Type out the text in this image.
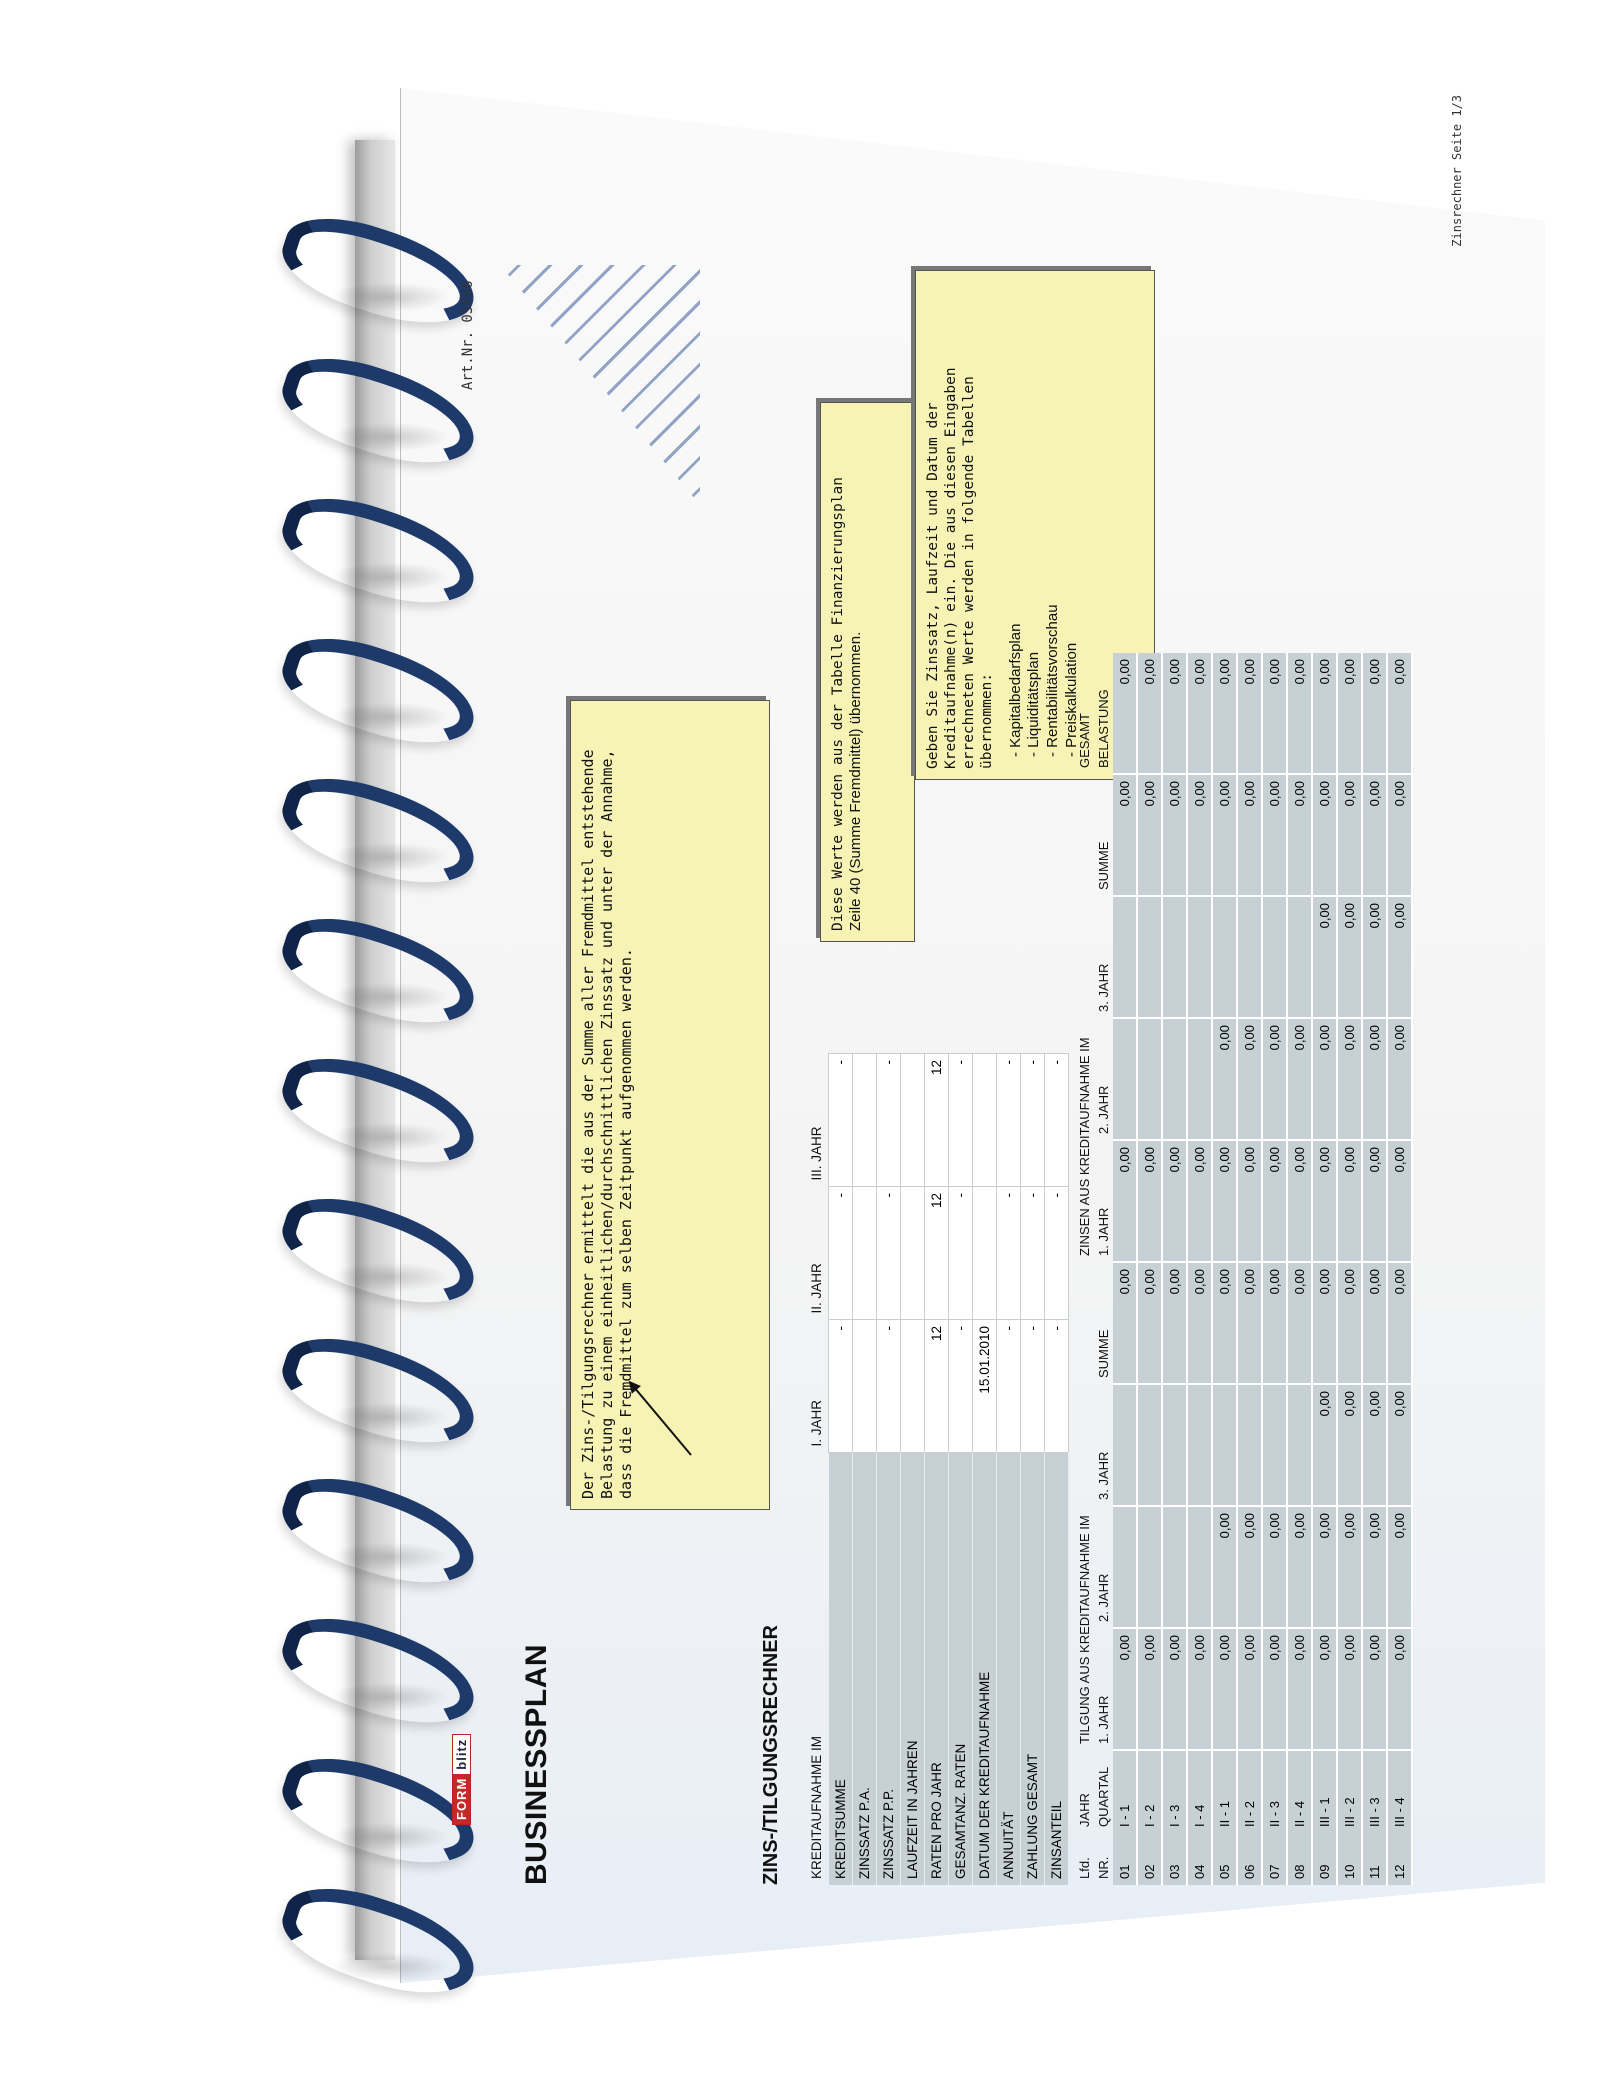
Art.Nr. 05586
Zinsrechner Seite 1/3
FORM
blitz BUSINESSPLAN	ZINS-/TILGUNGSRECHNER
Der Zins-/Tilgungsrechner ermittelt die aus der Summe aller Fremdmittel entstehende Belastung zu einem einheitlichen/durchschnittlichen Zinssatz und unter der Annahme, dass die Fremdmittel zum selben Zeitpunkt aufgenommen werden.
Diese Werte werden aus der Tabelle Finanzierungsplan Zeile 40 (Summe Fremdmittel) übernommen.
Geben Sie Zinssatz, Laufzeit und Datum der Kreditaufnahme(n) ein. Die aus diesen Eingaben errechneten Werte werden in folgende Tabellen übernommen: - Kapitalbedarfsplan - Liquiditätsplan - Rentabilitätsvorschau - Preiskalkulation
KREDITAUFNAHME IM	I. JAHR	II. JAHR	III. JAHR
KREDITSUMME	-	-	-
ZINSSATZ P.A.			
ZINSSATZ P.P.	-	-	-
LAUFZEIT IN JAHREN			
RATEN PRO JAHR	12	12	12
GESAMTANZ. RATEN	-	-	-
DATUM DER KREDITAUFNAHME	15.01.2010		
ANNUITÄT	-	-	-
ZAHLUNG GESAMT	-	-	-
ZINSANTEIL	-	-	-
Lfd.	JAHR	TILGUNG AUS KREDITAUFNAHME IM				ZINSEN AUS KREDITAUFNAHME IM				GESAMT
NR.	QUARTAL	1. JAHR	2. JAHR	3. JAHR	SUMME	1. JAHR	2. JAHR	3. JAHR	SUMME	BELASTUNG
01	I - 1	0,00			0,00	0,00			0,00	0,00
02	I - 2	0,00			0,00	0,00			0,00	0,00
03	I - 3	0,00			0,00	0,00			0,00	0,00
04	I - 4	0,00			0,00	0,00			0,00	0,00
05	II - 1	0,00	0,00		0,00	0,00	0,00		0,00	0,00
06	II - 2	0,00	0,00		0,00	0,00	0,00		0,00	0,00
07	II - 3	0,00	0,00		0,00	0,00	0,00		0,00	0,00
08	II - 4	0,00	0,00		0,00	0,00	0,00		0,00	0,00
09	III - 1	0,00	0,00	0,00	0,00	0,00	0,00	0,00	0,00	0,00
10	III - 2	0,00	0,00	0,00	0,00	0,00	0,00	0,00	0,00	0,00
11	III - 3	0,00	0,00	0,00	0,00	0,00	0,00	0,00	0,00	0,00
12	III - 4	0,00	0,00	0,00	0,00	0,00	0,00	0,00	0,00	0,00
